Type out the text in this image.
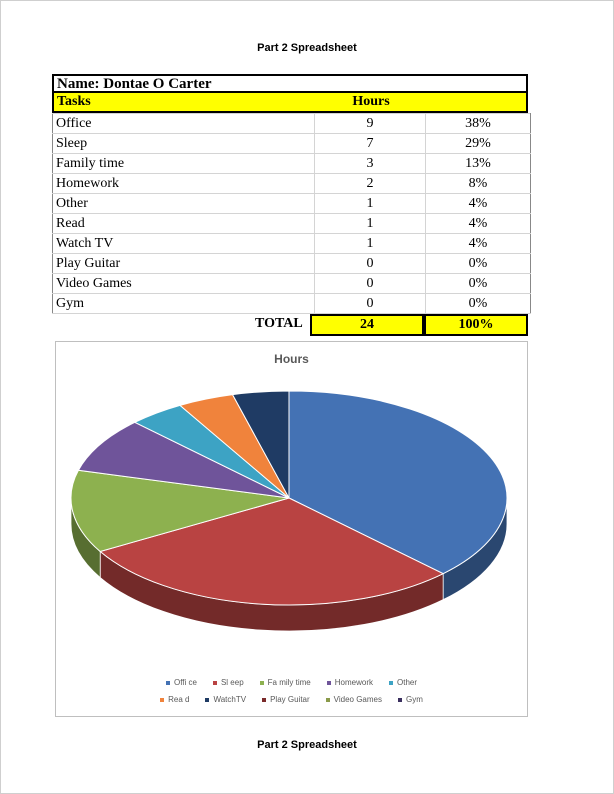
Part 2 Spreadsheet
Name: Dontae O Carter
Tasks	Hours
Office	9	38%
Sleep	7	29%
Family time	3	13%
Homework	2	8%
Other	1	4%
Read	1	4%
Watch TV	1	4%
Play Guitar	0	0%
Video Games	0	0%
Gym	0	0%
TOTAL	24	100%
Hours
Offi ce	Sl eep	Fa mily time	Homework	Other
Rea d	WatchTV	Play Guitar	Video Games	Gym
Part 2 Spreadsheet
